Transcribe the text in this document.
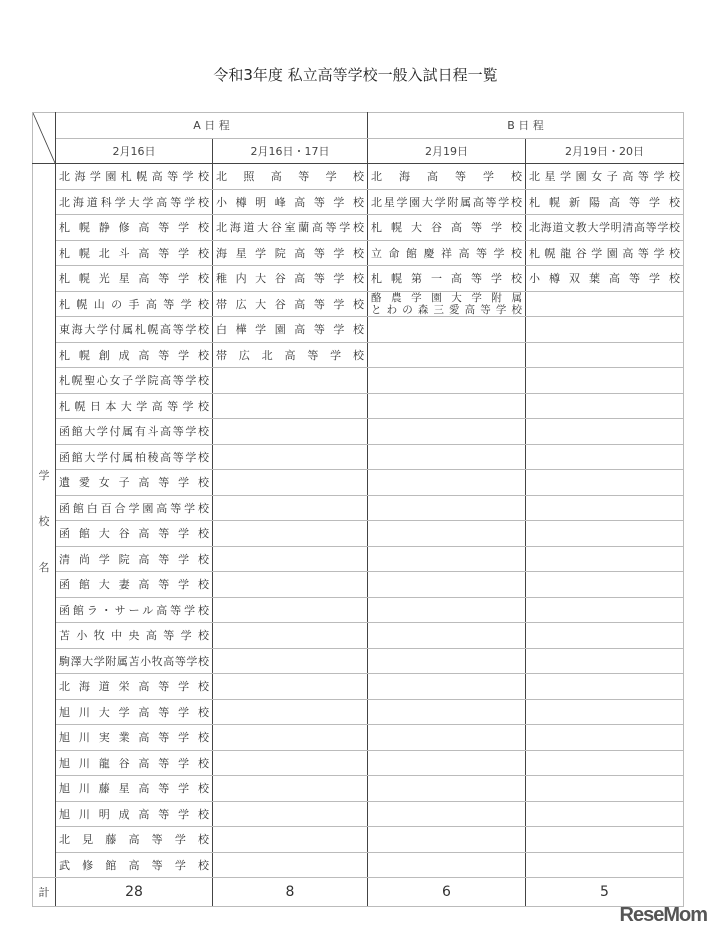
令和3年度 私立高等学校一般入試日程一覧
	A 日 程		B 日 程	
	2月16日	2月16日・17日	2月19日	2月19日・20日

学
校
名	北海学園札幌高等学校	北照高等学校	北海高等学校	北星学園女子高等学校

	北海道科学大学高等学校	小樽明峰高等学校	北星学園大学附属高等学校	札幌新陽高等学校

	札幌静修高等学校	北海道大谷室蘭高等学校	札幌大谷高等学校	北海道文教大学明清高等学校

	札幌北斗高等学校	海星学院高等学校	立命館慶祥高等学校	札幌龍谷学園高等学校

	札幌光星高等学校	稚内大谷高等学校	札幌第一高等学校	小樽双葉高等学校

	札幌山の手高等学校	帯広大谷高等学校	酪農学園大学附属
とわの森三愛高等学校	

	東海大学付属札幌高等学校	白樺学園高等学校		

	札幌創成高等学校	帯広北高等学校		

	札幌聖心女子学院高等学校			

	札幌日本大学高等学校			

	函館大学付属有斗高等学校			

	函館大学付属柏稜高等学校			

	遺愛女子高等学校			

	函館白百合学園高等学校			

	函館大谷高等学校			

	清尚学院高等学校			

	函館大妻高等学校			

	函館ラ・サール高等学校			

	苫小牧中央高等学校			

	駒澤大学附属苫小牧高等学校			

	北海道栄高等学校			

	旭川大学高等学校			

	旭川実業高等学校			

	旭川龍谷高等学校			

	旭川藤星高等学校			

	旭川明成高等学校			

	北見藤高等学校			

	武修館高等学校			

計	28	8	6	5
ReseMom
